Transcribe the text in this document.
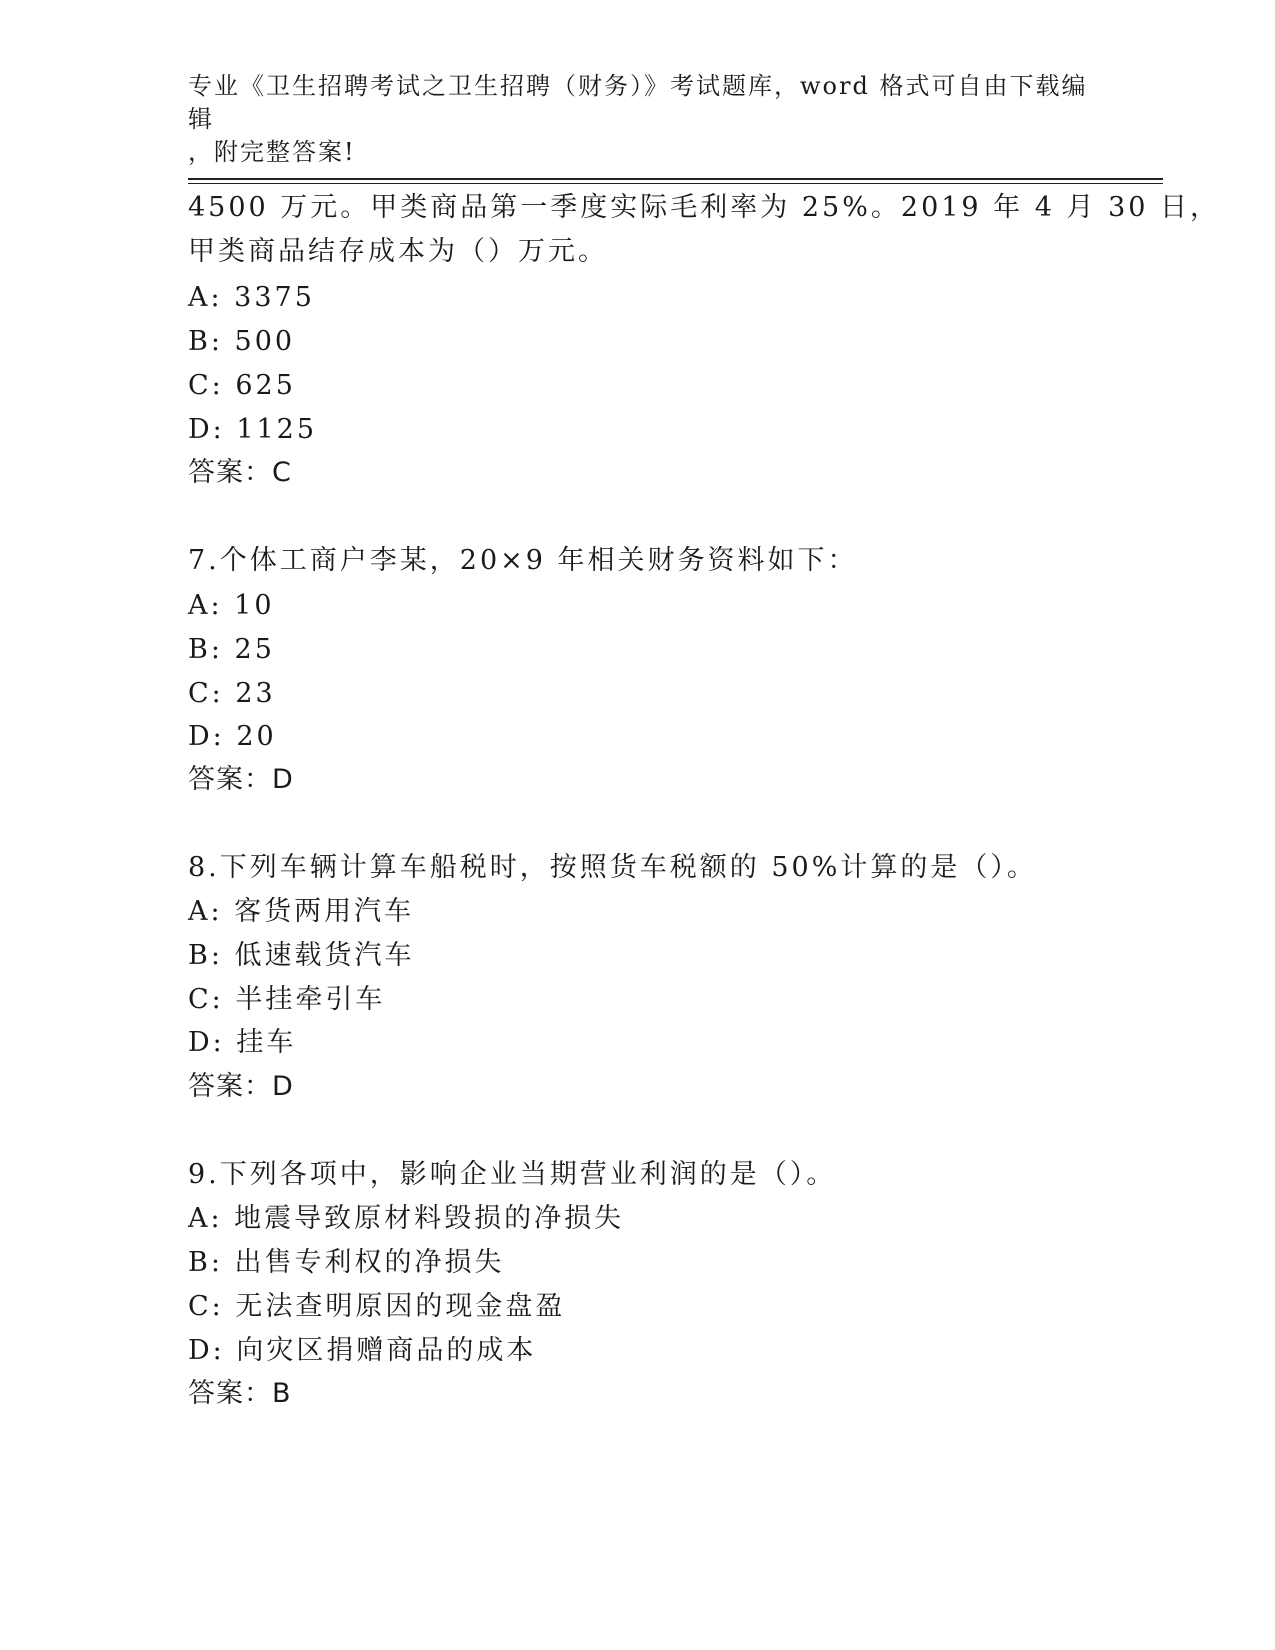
专业《卫生招聘考试之卫生招聘（财务）》考试题库，word 格式可自由下载编辑
，附完整答案!
4500 万元。甲类商品第一季度实际毛利率为 25%。2019 年 4 月 30 日，
甲类商品结存成本为（）万元。
A: 3375
B: 500
C: 625
D: 1125
答案：C
7.个体工商户李某，20×9 年相关财务资料如下：
A: 10
B: 25
C: 23
D: 20
答案：D
8.下列车辆计算车船税时，按照货车税额的 50%计算的是（）。
A: 客货两用汽车
B: 低速载货汽车
C: 半挂牵引车
D: 挂车
答案：D
9.下列各项中，影响企业当期营业利润的是（）。
A: 地震导致原材料毁损的净损失
B: 出售专利权的净损失
C: 无法查明原因的现金盘盈
D: 向灾区捐赠商品的成本
答案：B
